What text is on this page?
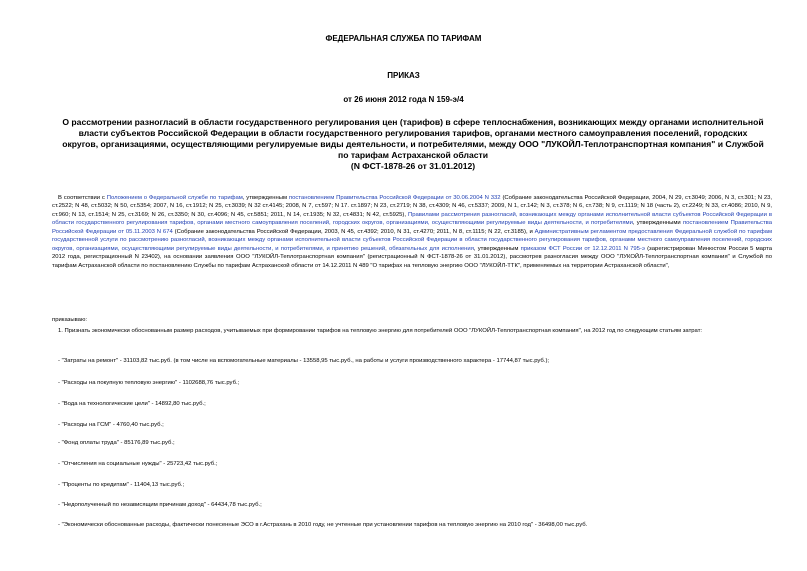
ФЕДЕРАЛЬНАЯ СЛУЖБА ПО ТАРИФАМ
ПРИКАЗ
от 26 июня 2012 года N 159-э/4
О рассмотрении разногласий в области государственного регулирования цен (тарифов) в сфере теплоснабжения, возникающих между органами исполнительной
власти субъектов Российской Федерации в области государственного регулирования тарифов, органами местного самоуправления поселений, городских
округов, организациями, осуществляющими регулируемые виды деятельности, и потребителями, между ООО "ЛУКОЙЛ-Теплотранспортная компания" и Службой
по тарифам Астраханской области
(N ФСТ-1878-26 от 31.01.2012)
В соответствии с Положением о Федеральной службе по тарифам, утвержденным постановлением Правительства Российской Федерации от 30.06.2004 N 332 (Собрание законодательства Российской Федерации, 2004, N 29, ст.3049; 2006, N 3, ст.301; N 23, ст.2522; N 48, ст.5032; N 50, ст.5354; 2007, N 16, ст.1912; N 25, ст.3039; N 32 ст.4145; 2008, N 7, ст.597; N 17. ст.1897; N 23, ст.2719; N 38, ст.4309; N 46, ст.5337; 2009, N 1, ст.142; N 3, ст.378; N 6, ст.738; N 9, ст.1119; N 18 (часть 2), ст.2249; N 33, ст.4086; 2010, N 9, ст.960; N 13, ст.1514; N 25, ст.3169; N 26, ст.3350; N 30, ст.4096; N 45, ст.5851; 2011, N 14, ст.1935; N 32, ст.4831; N 42, ст.5925), Правилами рассмотрения разногласий, возникающих между органами исполнительной власти субъектов Российской Федерации в области государственного регулирования тарифов, органами местного самоуправления поселений, городских округов, организациями, осуществляющими регулируемые виды деятельности, и потребителями, утвержденными постановлением Правительства Российской Федерации от 05.11.2003 N 674 (Собрание законодательства Российской Федерации, 2003, N 45, ст.4392; 2010, N 31, ст.4270; 2011, N 8, ст.1115; N 22, ст.3185), и Административным регламентом предоставления Федеральной службой по тарифам государственной услуги по рассмотрению разногласий, возникающих между органами исполнительной власти субъектов Российской Федерации в области государственного регулирования тарифов, органами местного самоуправления поселений, городских округов, организациями, осуществляющими регулируемые виды деятельности, и потребителями, и принятию решений, обязательных для исполнения, утвержденным приказом ФСТ России от 12.12.2011 N 795-э (зарегистрирован Минюстом России 5 марта 2012 года, регистрационный N 23402), на основании заявления ООО "ЛУКОЙЛ-Теплотранспортная компания" (регистрационный N ФСТ-1878-26 от 31.01.2012), рассмотрев разногласия между ООО "ЛУКОЙЛ-Теплотранспортная компания" и Службой по тарифам Астраханской области по постановлению Службы по тарифам Астраханской области от 14.12.2011 N 489 "О тарифах на тепловую энергию ООО "ЛУКОЙЛ-ТТК", применяемых на территории Астраханской области",
приказываю:
1. Признать экономически обоснованным размер расходов, учитываемых при формировании тарифов на тепловую энергию для потребителей ООО "ЛУКОЙЛ-Теплотранспортная компания", на 2012 год по следующим статьям затрат:
- "Затраты на ремонт" - 31103,82 тыс.руб. (в том числе на вспомогательные материалы - 13558,95 тыс.руб., на работы и услуги производственного характера - 17744,87 тыс.руб.);
- "Расходы на покупную тепловую энергию" - 1102688,76 тыс.руб.;
- "Вода на технологические цели" - 14892,80 тыс.руб.;
- "Расходы на ГСМ" - 4760,40 тыс.руб.;
- "Фонд оплаты труда" - 85176,89 тыс.руб.;
- "Отчисления на социальные нужды" - 25723,42 тыс.руб.;
- "Проценты по кредитам" - 11404,13 тыс.руб.;
- "Недополученный по независящим причинам доход" - 64434,78 тыс.руб.;
- "Экономически обоснованные расходы, фактически понесенные ЭСО в г.Астрахань в 2010 году, не учтенные при установлении тарифов на тепловую энергию на 2010 год" - 36498,00 тыс.руб.
